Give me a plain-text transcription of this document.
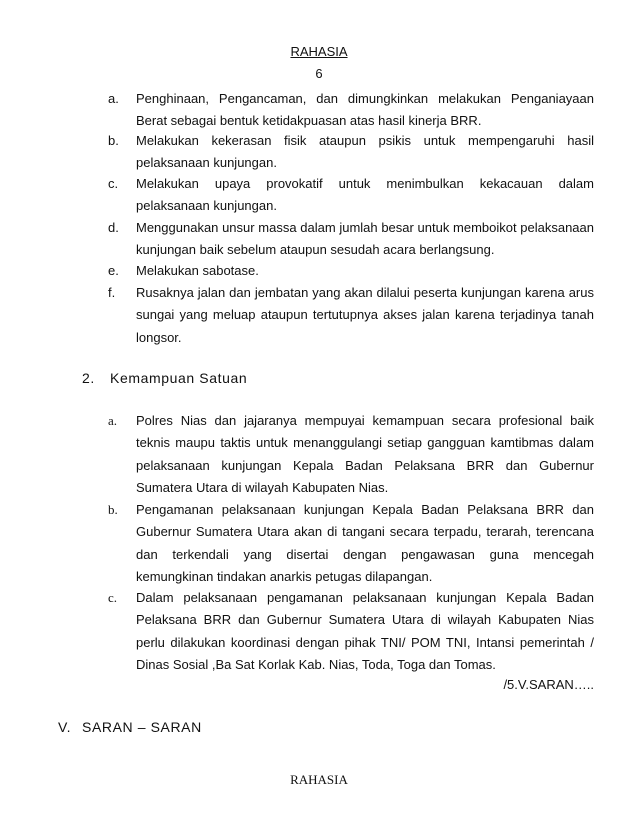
RAHASIA
6
a.	Penghinaan, Pengancaman, dan dimungkinkan melakukan Penganiayaan Berat sebagai bentuk ketidakpuasan atas hasil kinerja BRR.
b.	Melakukan kekerasan fisik ataupun psikis untuk mempengaruhi hasil pelaksanaan kunjungan.
c.	Melakukan upaya provokatif untuk menimbulkan kekacauan dalam pelaksanaan kunjungan.
d.	Menggunakan unsur massa dalam jumlah besar untuk memboikot pelaksanaan kunjungan baik sebelum ataupun sesudah acara berlangsung.
e.	Melakukan sabotase.
f.	Rusaknya jalan dan jembatan yang akan dilalui peserta kunjungan karena arus sungai yang meluap ataupun tertutupnya akses jalan karena terjadinya tanah longsor.
2. Kemampuan Satuan
a.	Polres Nias dan jajaranya mempuyai kemampuan secara profesional baik teknis maupu taktis untuk menanggulangi setiap gangguan kamtibmas dalam pelaksanaan kunjungan Kepala Badan Pelaksana BRR dan Gubernur Sumatera Utara di wilayah Kabupaten Nias.
b.	Pengamanan pelaksanaan kunjungan Kepala Badan Pelaksana BRR dan Gubernur Sumatera Utara akan di tangani secara terpadu, terarah, terencana dan terkendali yang disertai dengan pengawasan guna mencegah kemungkinan tindakan anarkis petugas dilapangan.
c.	Dalam pelaksanaan pengamanan pelaksanaan kunjungan Kepala Badan Pelaksana BRR dan Gubernur Sumatera Utara di wilayah Kabupaten Nias perlu dilakukan koordinasi dengan pihak TNI/ POM TNI, Intansi pemerintah / Dinas Sosial ,Ba Sat Korlak Kab. Nias, Toda, Toga dan Tomas.
/5.V.SARAN…..
V. SARAN – SARAN
RAHASIA
